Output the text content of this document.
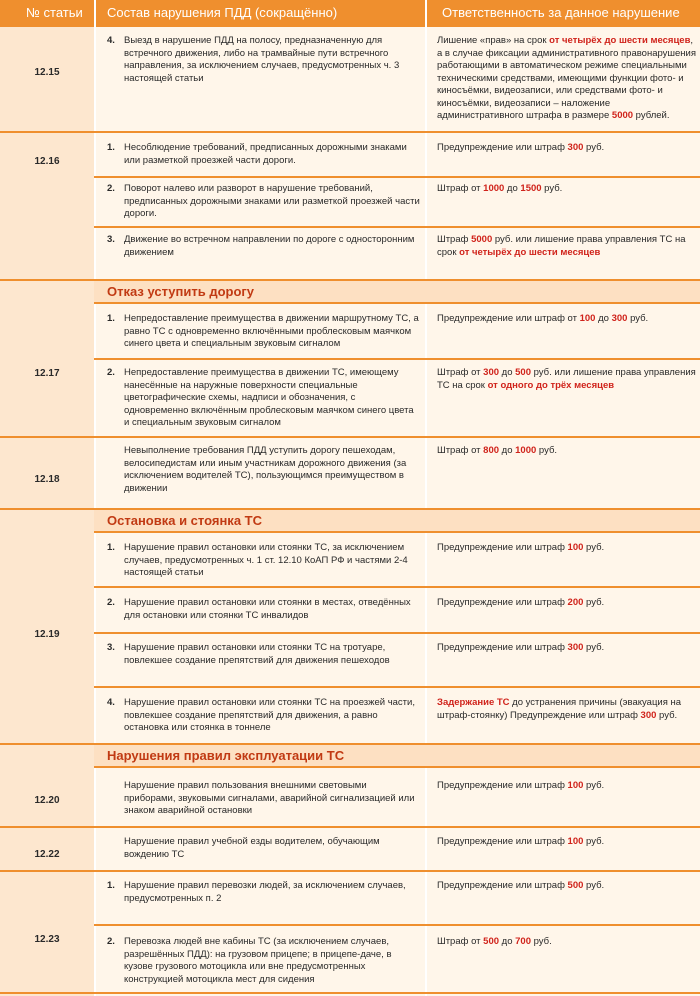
№ статьи Состав нарушения ПДД (сокращённо)	Ответственность за данное нарушение
Отказ уступить дорогу
Остановка и стоянка ТС
Нарушения правил эксплуатации ТС
12.15
12.16
12.17
12.18
12.19
12.20
12.22
12.23
4. Выезд в нарушение ПДД на полосу, предназначенную для встречного движения, либо на трамвайные пути встречного направления, за исключением случаев, предусмотренных ч. 3 настоящей статьи
Лишение «прав» на срок от четырёх до шести месяцев, а в случае фиксации административного правонарушения работающими в автоматическом режиме специальными техническими средствами, имеющими функции фото- и киносъёмки, видеозаписи, или средствами фото- и киносъёмки, видеозаписи – наложение административного штрафа в размере 5000 рублей.
1. Несоблюдение требований, предписанных дорожными знаками или разметкой проезжей части дороги.
Предупреждение или штраф 300 руб.
2. Поворот налево или разворот в нарушение требований, предписанных дорожными знаками или разметкой проезжей части дороги.
Штраф от 1000 до 1500 руб.
3. Движение во встречном направлении по дороге с односторонним движением
Штраф 5000 руб. или лишение права управления ТС на срок от четырёх до шести месяцев
1. Непредоставление преимущества в движении маршрутному ТС, а равно ТС с одновременно включёнными проблесковым маячком синего цвета и специальным звуковым сигналом
Предупреждение или штраф от 100 до 300 руб.
2. Непредоставление преимущества в движении ТС, имеющему нанесённые на наружные поверхности специальные цветографические схемы, надписи и обозначения, с одновременно включённым проблесковым маячком синего цвета и специальным звуковым сигналом
Штраф от 300 до 500 руб. или лишение права управления ТС на срок от одного до трёх месяцев
Невыполнение требования ПДД уступить дорогу пешеходам, велосипедистам или иным участникам дорожного движения (за исключением водителей ТС), пользующимся преимуществом в движении
Штраф от 800 до 1000 руб.
1. Нарушение правил остановки или стоянки ТС, за исключением случаев, предусмотренных ч. 1 ст. 12.10 КоАП РФ и частями 2-4 настоящей статьи
Предупреждение или штраф 100 руб.
2. Нарушение правил остановки или стоянки в местах, отведённых для остановки или стоянки ТС инвалидов
Предупреждение или штраф 200 руб.
3. Нарушение правил остановки или стоянки ТС на тротуаре, повлекшее создание препятствий для движения пешеходов
Предупреждение или штраф 300 руб.
4. Нарушение правил остановки или стоянки ТС на проезжей части, повлекшее создание препятствий для движения, а равно остановка или стоянка в тоннеле
Задержание ТС до устранения причины (эвакуация на штраф-стоянку) Предупреждение или штраф 300 руб.
Нарушение правил пользования внешними световыми приборами, звуковыми сигналами, аварийной сигнализацией или знаком аварийной остановки
Предупреждение или штраф 100 руб.
Нарушение правил учебной езды водителем, обучающим вождению ТС
Предупреждение или штраф 100 руб.
1. Нарушение правил перевозки людей, за исключением случаев, предусмотренных п. 2
Предупреждение или штраф 500 руб.
2. Перевозка людей вне кабины ТС (за исключением случаев, разрешённых ПДД): на грузовом прицепе; в прицепе-даче, в кузове грузового мотоцикла или вне предусмотренных конструкцией мотоцикла мест для сидения
Штраф от 500 до 700 руб.
